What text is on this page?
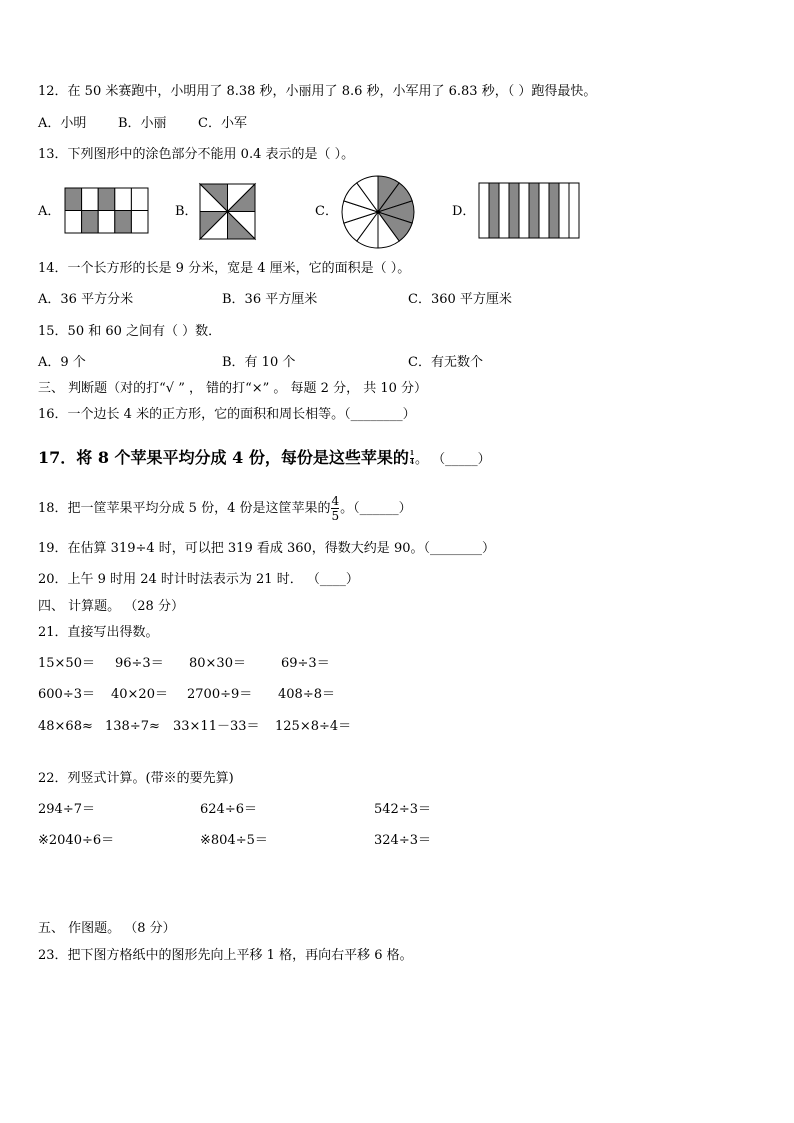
12．在 50 米赛跑中，小明用了 8.38 秒，小丽用了 8.6 秒，小军用了 6.83 秒，（ ）跑得最快。
A．小明 B．小丽 C．小军
13．下列图形中的涂色部分不能用 0.4 表示的是（ ）。
A．	B．	C．	D．
14．一个长方形的长是 9 分米，宽是 4 厘米，它的面积是（ ）。
A．36 平方分米	B．36 平方厘米	C．360 平方厘米
15．50 和 60 之间有（ ）数．
A．9 个	B．有 10 个	C．有无数个
三、 判断题（对的打“√ ” ， 错的打“×” 。 每题 2 分， 共 10 分）
16．一个边长 4 米的正方形，它的面积和周长相等。（________）
17．将 8 个苹果平均分成 4 份，每份是这些苹果的 $\frac{1}{4}$ 。 （_____）
18．把一筐苹果平均分成 5 份，4 份是这筐苹果的 $\frac{4}{5}$ 。（______）
19．在估算 319÷4 时，可以把 319 看成 360，得数大约是 90。（________）
20．上午 9 时用 24 时计时法表示为 21 时． （____）
四、 计算题。 （28 分）
21．直接写出得数。
15×50＝ 96÷3＝ 80×30＝	69÷3＝
600÷3＝ 40×20＝ 2700÷9＝ 408÷8＝
48×68≈ 138÷7≈ 33×11－33＝ 125×8÷4＝
22．列竖式计算。(带※的要先算)
294÷7＝	624÷6＝	542÷3＝
※2040÷6＝	※804÷5＝	324÷3＝
五、 作图题。 （8 分）
23．把下图方格纸中的图形先向上平移 1 格，再向右平移 6 格。
